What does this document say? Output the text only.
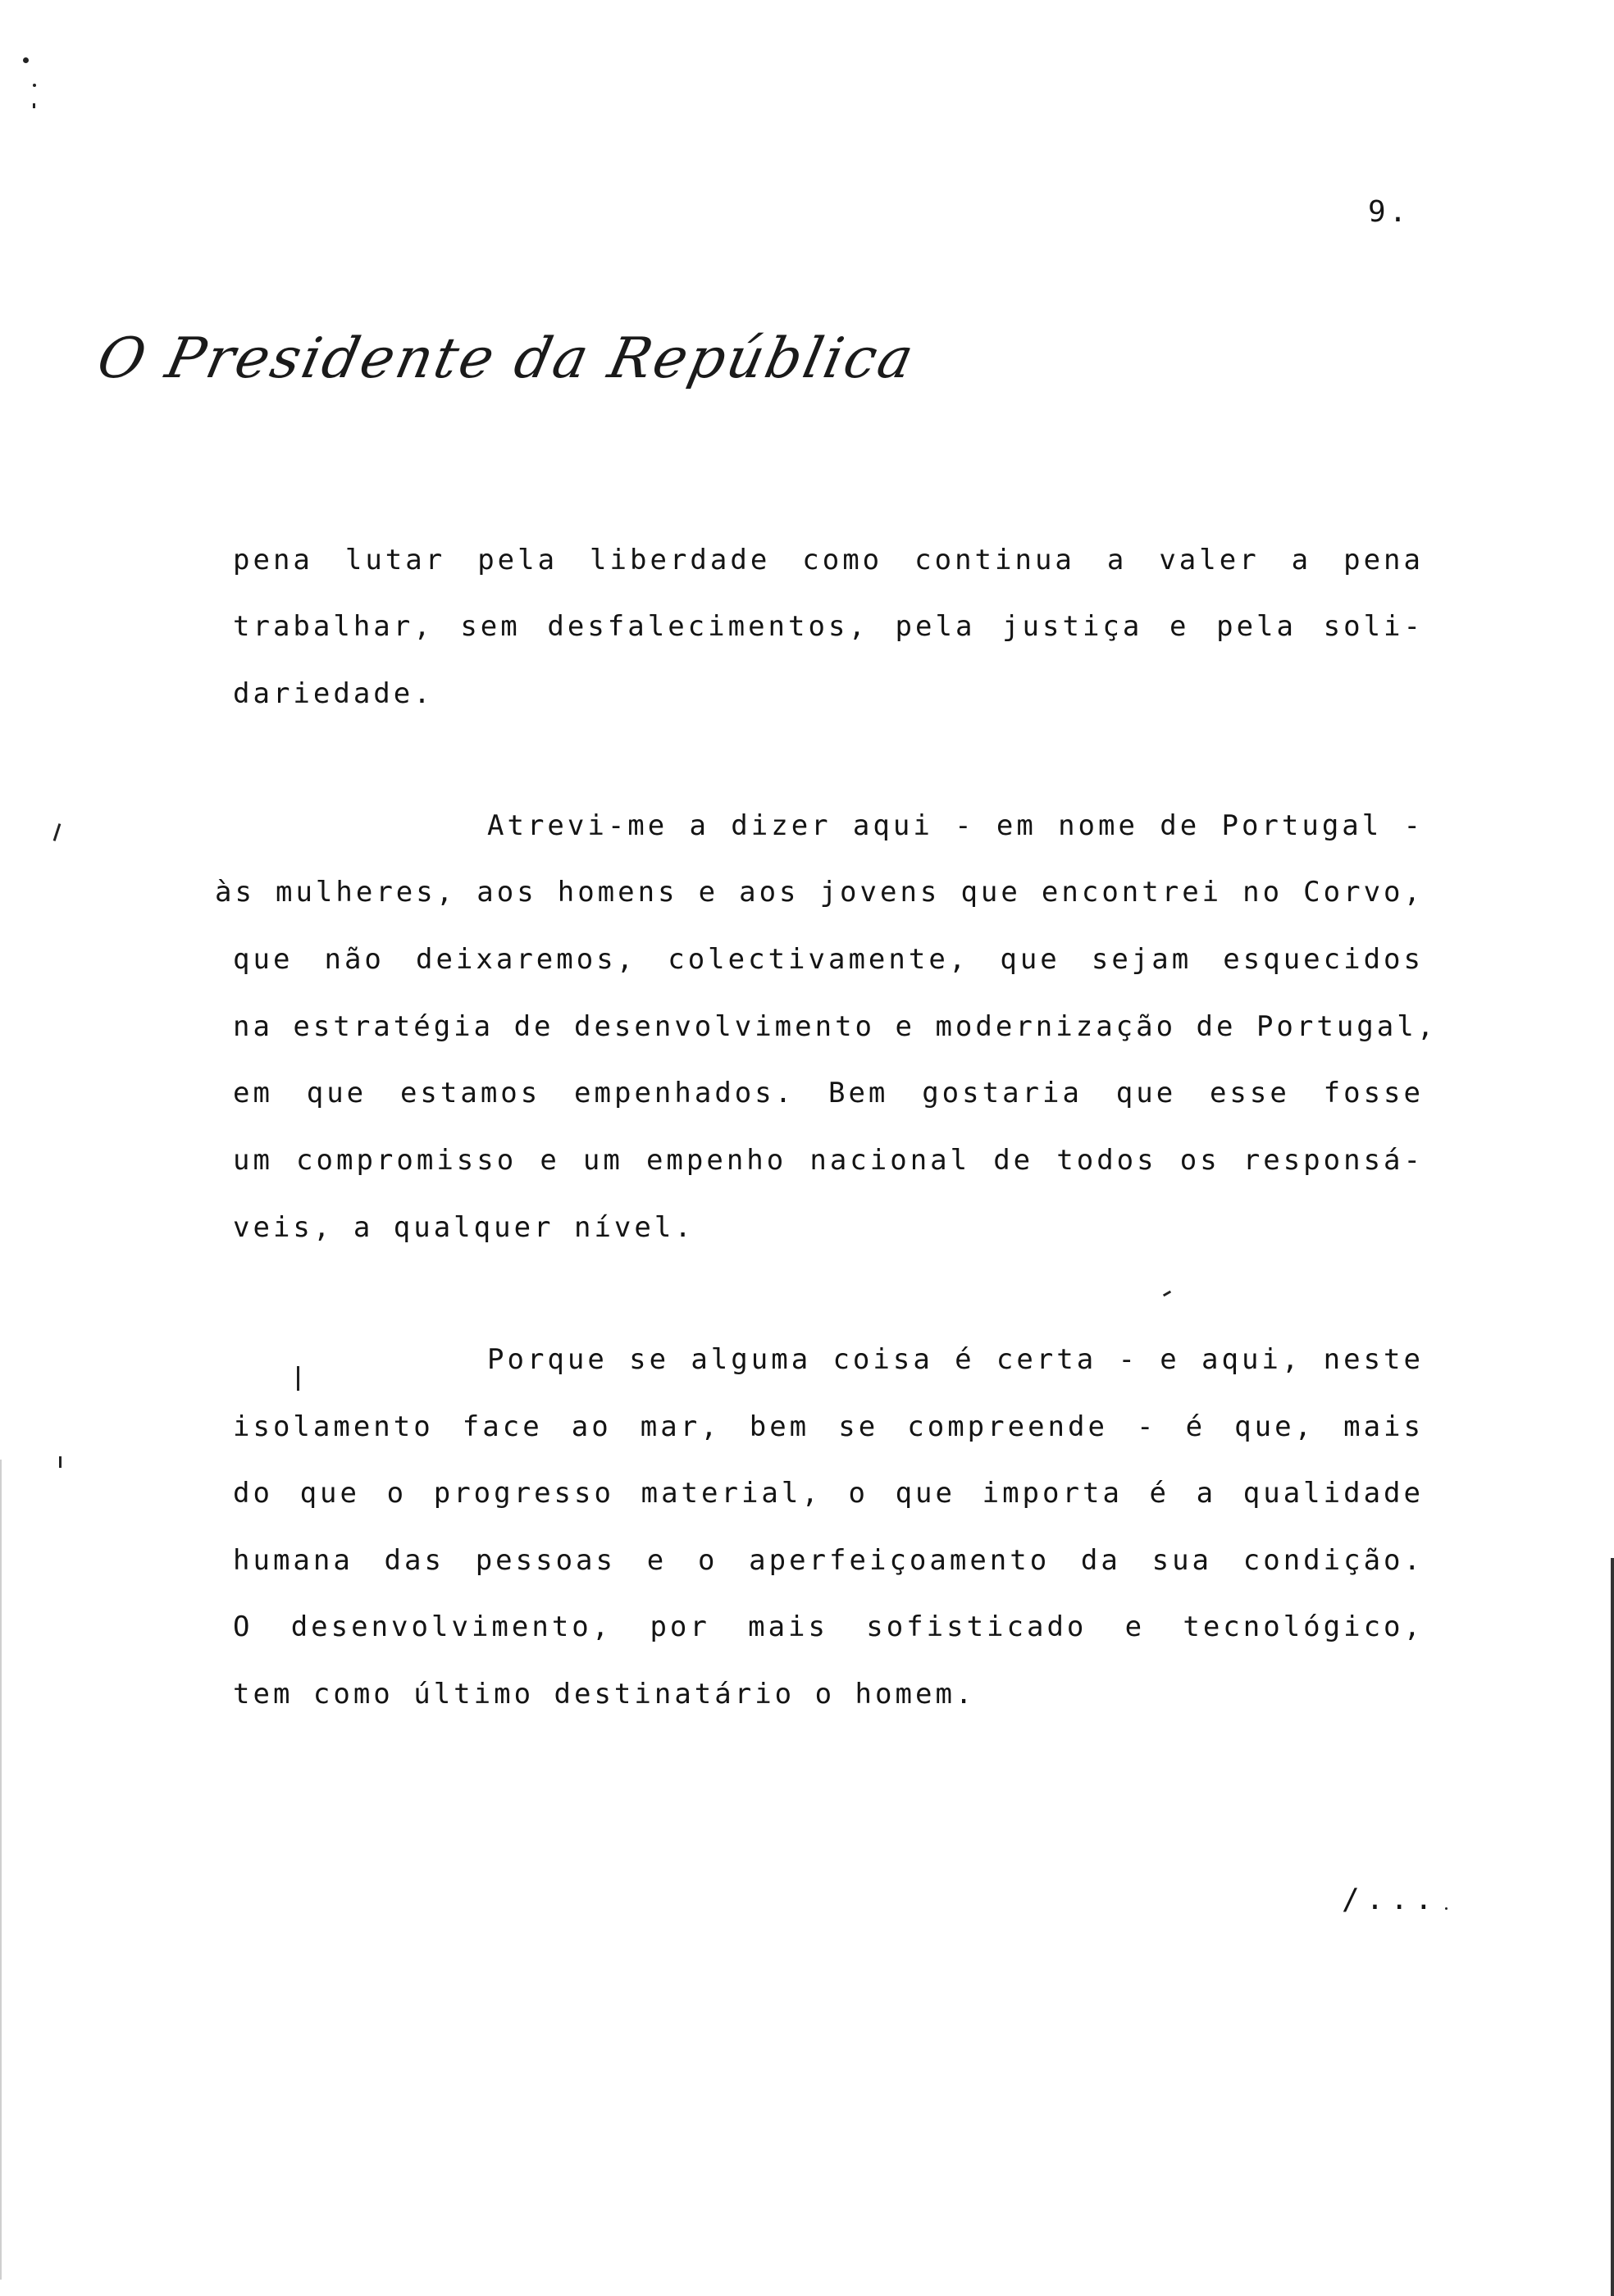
9.
O Presidente da República
pena lutar pela liberdade como continua a valer a pena
trabalhar, sem desfalecimentos, pela justiça e pela soli-
dariedade.
Atrevi-me a dizer aqui - em nome de Portugal -
às mulheres, aos homens e aos jovens que encontrei no Corvo,
que não deixaremos, colectivamente, que sejam esquecidos
na estratégia de desenvolvimento e modernização de Portugal,
em que estamos empenhados. Bem gostaria que esse fosse
um compromisso e um empenho nacional de todos os responsá-
veis, a qualquer nível.
Porque se alguma coisa é certa - e aqui, neste
isolamento face ao mar, bem se compreende - é que, mais
do que o progresso material, o que importa é a qualidade
humana das pessoas e o aperfeiçoamento da sua condição.
O desenvolvimento, por mais sofisticado e tecnológico,
tem como último destinatário o homem.
/...
